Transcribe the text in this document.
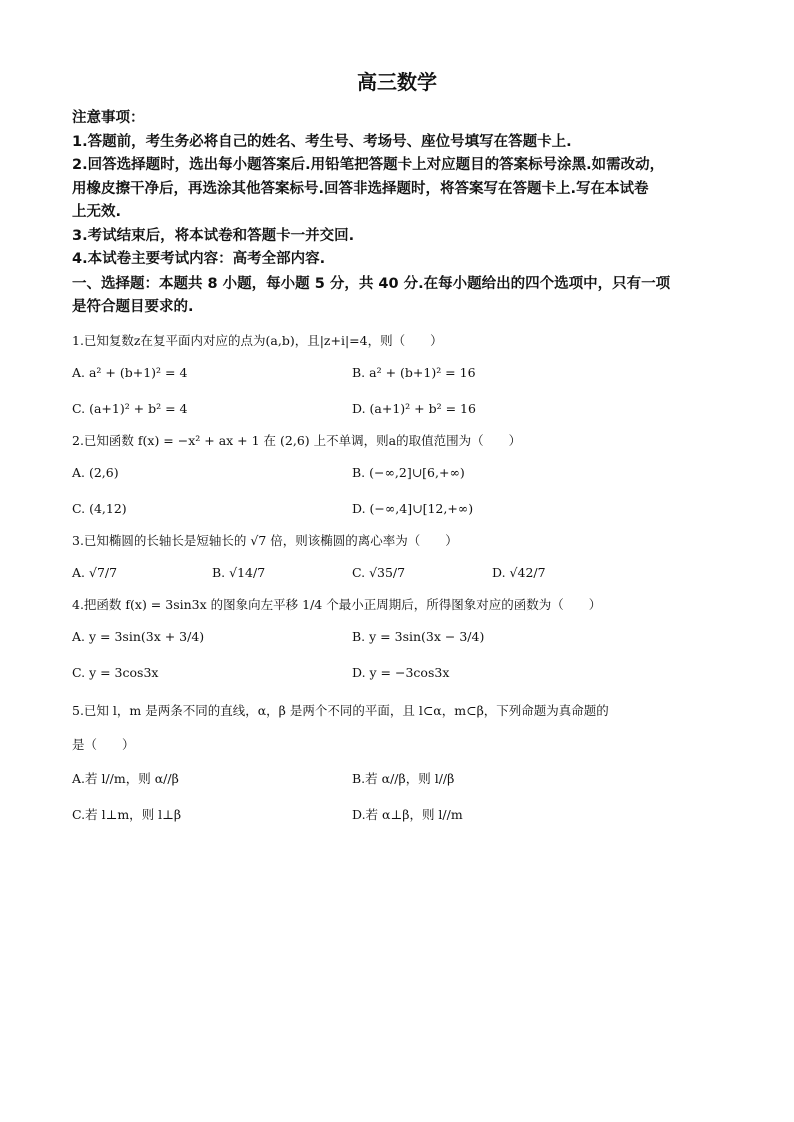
高三数学
注意事项：
1.答题前，考生务必将自己的姓名、考生号、考场号、座位号填写在答题卡上.
2.回答选择题时，选出每小题答案后.用铅笔把答题卡上对应题目的答案标号涂黑.如需改动，
用橡皮擦干净后，再选涂其他答案标号.回答非选择题时，将答案写在答题卡上.写在本试卷
上无效.
3.考试结束后，将本试卷和答题卡一并交回.
4.本试卷主要考试内容：高考全部内容.
一、选择题：本题共 8 小题，每小题 5 分，共 40 分.在每小题给出的四个选项中，只有一项
是符合题目要求的.
1.已知复数z在复平面内对应的点为(a,b)，且|z+i|=4，则（　　）
A. a² + (b+1)² = 4	B. a² + (b+1)² = 16
C. (a+1)² + b² = 4	D. (a+1)² + b² = 16
2.已知函数 f(x) = −x² + ax + 1 在 (2,6) 上不单调，则a的取值范围为（　　）
A. (2,6)	B. (−∞,2]∪[6,+∞)
C. (4,12)	D. (−∞,4]∪[12,+∞)
3.已知椭圆的长轴长是短轴长的 √7 倍，则该椭圆的离心率为（　　）
A. √7/7	B. √14/7	C. √35/7	D. √42/7
4.把函数 f(x) = 3sin3x 的图象向左平移 1/4 个最小正周期后，所得图象对应的函数为（　　）
A. y = 3sin(3x + 3/4)	B. y = 3sin(3x − 3/4)
C. y = 3cos3x	D. y = −3cos3x
5.已知 l，m 是两条不同的直线，α，β 是两个不同的平面，且 l⊂α，m⊂β，下列命题为真命题的
是（　　）
A.若 l//m，则 α//β	B.若 α//β，则 l//β
C.若 l⊥m，则 l⊥β	D.若 α⊥β，则 l//m
